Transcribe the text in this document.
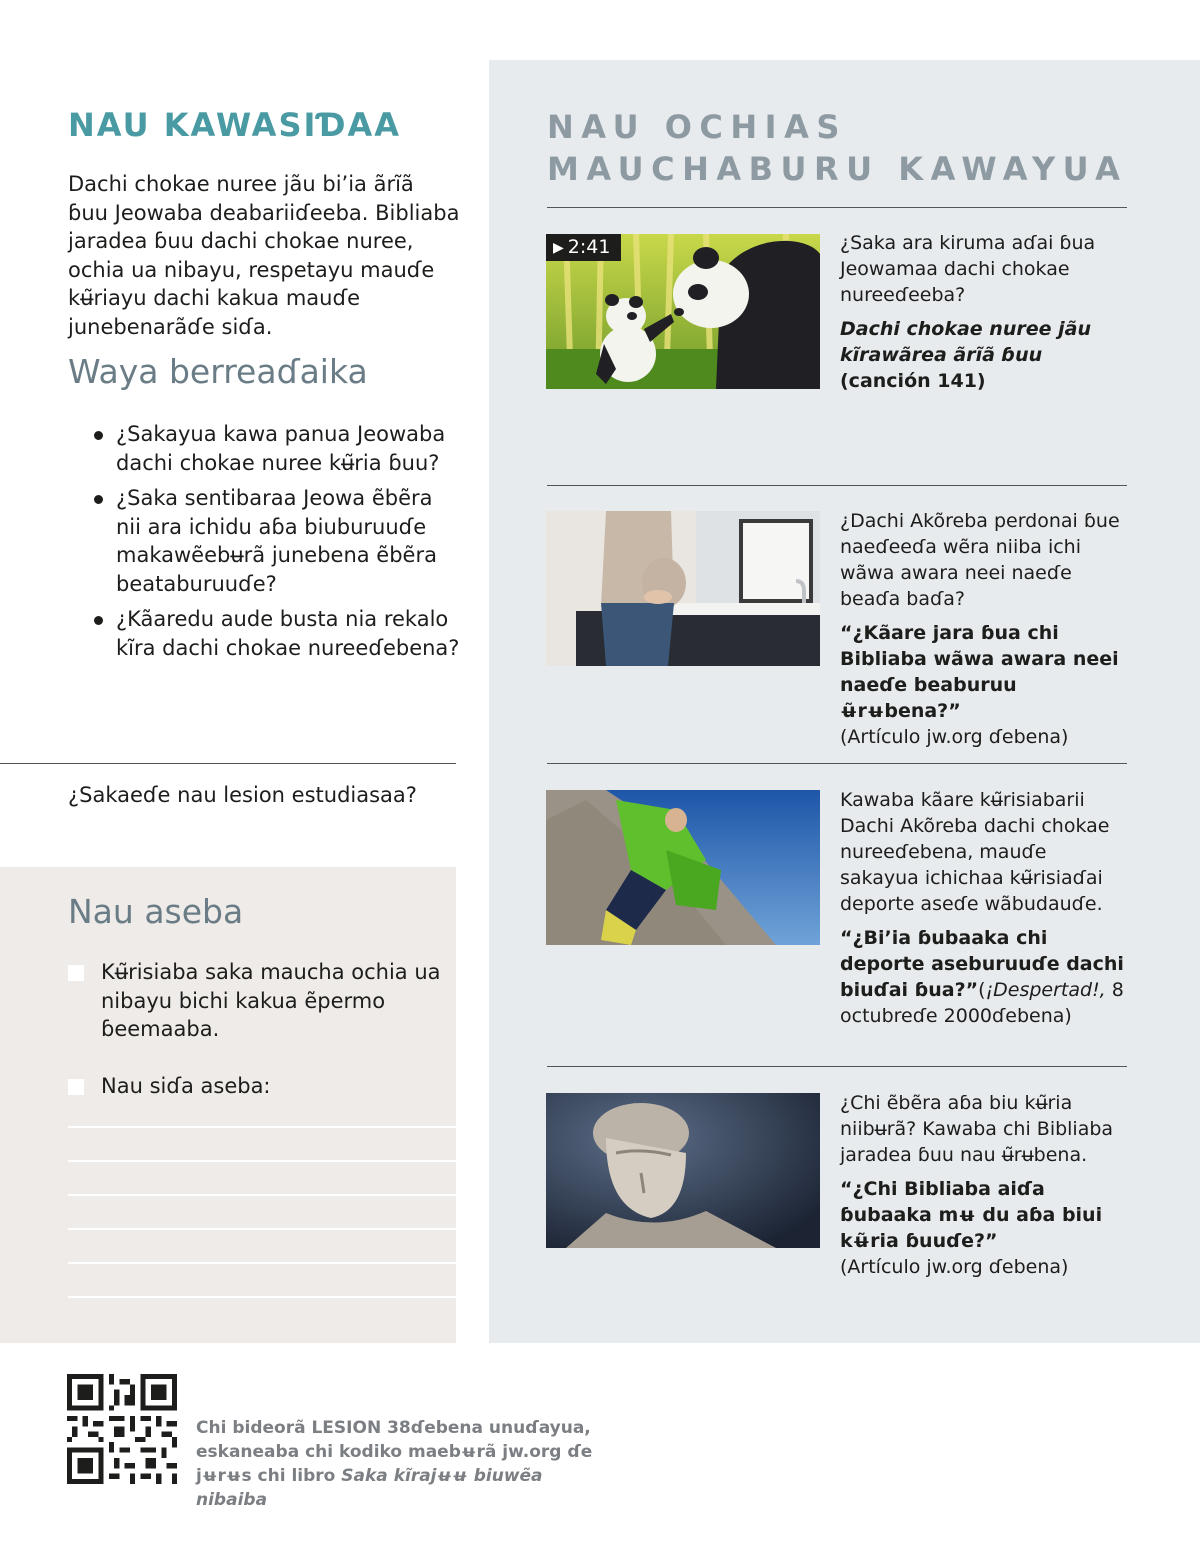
NAU KAWASIƊAA

Dachi chokae nuree jãu bi’ia ãrĩã ɓuu Jeowaba deabariiɗeeba. Bibliaba jaradea ɓuu dachi chokae nuree, ochia ua nibayu, respetayu mauɗe kʉ̃riayu dachi kakua mauɗe junebenarãɗe siɗa.

Waya berreaɗaika
¿Sakayua kawa panua Jeowaba dachi chokae nuree kʉ̃ria ɓuu?
¿Saka sentibaraa Jeowa ẽbẽra nii ara ichidu aɓa biuburuuɗe makawẽebʉrã junebena ẽbẽra beataburuuɗe?
¿Kãaredu aude busta nia rekalo kĩra dachi chokae nureeɗebena?

¿Sakaeɗe nau lesion estudiasaa?

Nau aseba

Kʉ̃risiaba saka maucha ochia ua nibayu bichi kakua ẽpermo ɓeemaaba.

Nau siɗa aseba:

NAU OCHIAS
MAUCHABURU KAWAYUA
▶ 2:41	¿Saka ara kiruma aɗai ɓua Jeowamaa dachi chokae nureeɗeeba?

Dachi chokae nuree jãu kĩrawãrea ãrĩã ɓuu

(canción 141)

¿Dachi Akõreba perdonai ɓue naeɗeeɗa wẽra niiba ichi wãwa awara neei naeɗe beaɗa baɗa?

“¿Kãare jara ɓua chi Bibliaba wãwa awara neei naeɗe beaburuu ʉ̃rʉbena?”

(Artículo jw.org ɗebena)

Kawaba kãare kʉ̃risiabarii Dachi Akõreba dachi chokae nureeɗebena, mauɗe sakayua ichichaa kʉ̃risiaɗai deporte aseɗe wãbudauɗe.

“¿Bi’ia ɓubaaka chi deporte aseburuuɗe dachi biuɗai ɓua?”(¡Despertad!, 8 octubreɗe 2000ɗebena)

¿Chi ẽbẽra aɓa biu kʉ̃ria niibʉrã? Kawaba chi Bibliaba jaradea ɓuu nau ʉ̃rʉbena.

“¿Chi Bibliaba aiɗa ɓubaaka mʉ du aɓa biui kʉ̃ria ɓuuɗe?”

(Artículo jw.org ɗebena)

Chi bideorã LESION 38ɗebena unuɗayua,
eskaneaba chi kodiko maebʉrã jw.org ɗe
jʉrʉs chi libro Saka kĩrajʉʉ biuwẽa nibaiba
